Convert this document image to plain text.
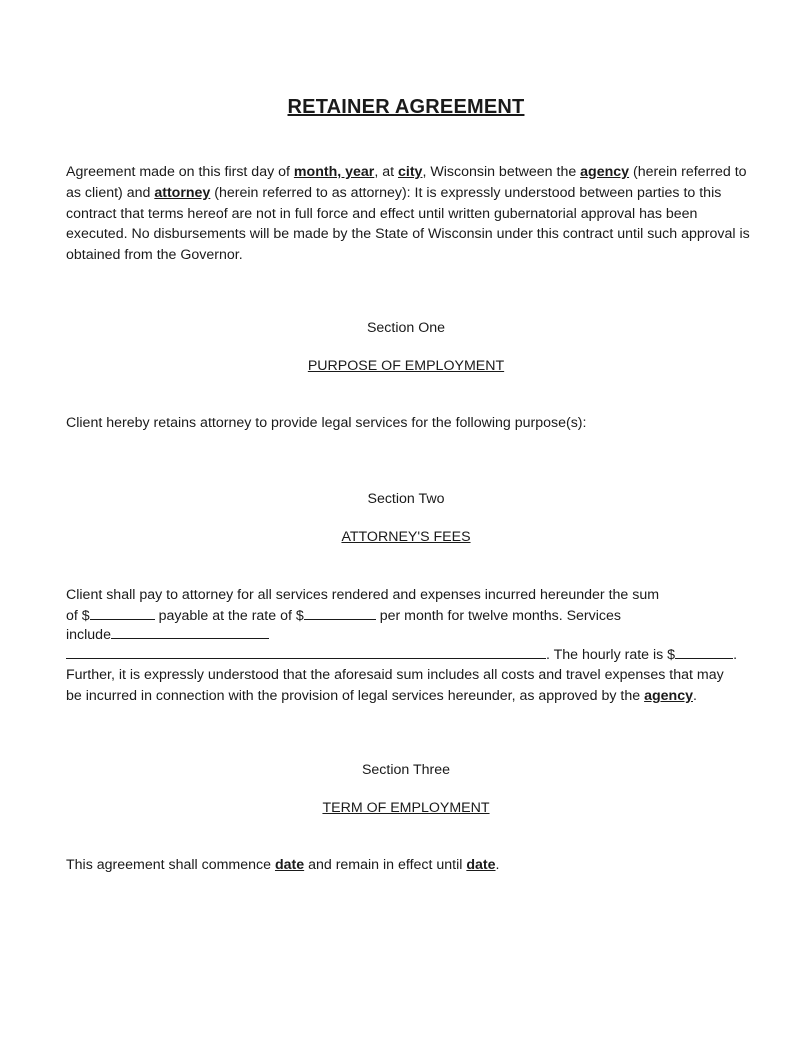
RETAINER AGREEMENT
Agreement made on this first day of month, year, at city, Wisconsin between the agency (herein referred to as client) and attorney (herein referred to as attorney): It is expressly understood between parties to this contract that terms hereof are not in full force and effect until written gubernatorial approval has been executed. No disbursements will be made by the State of Wisconsin under this contract until such approval is obtained from the Governor.
Section One
PURPOSE OF EMPLOYMENT
Client hereby retains attorney to provide legal services for the following purpose(s):
Section Two
ATTORNEY'S FEES
Client shall pay to attorney for all services rendered and expenses incurred hereunder the sum
of $	payable at the rate of $	per month for twelve months. Services
include
. The hourly rate is $	.
Further, it is expressly understood that the aforesaid sum includes all costs and travel expenses that may
be incurred in connection with the provision of legal services hereunder, as approved by the agency.
Section Three
TERM OF EMPLOYMENT
This agreement shall commence date and remain in effect until date.
